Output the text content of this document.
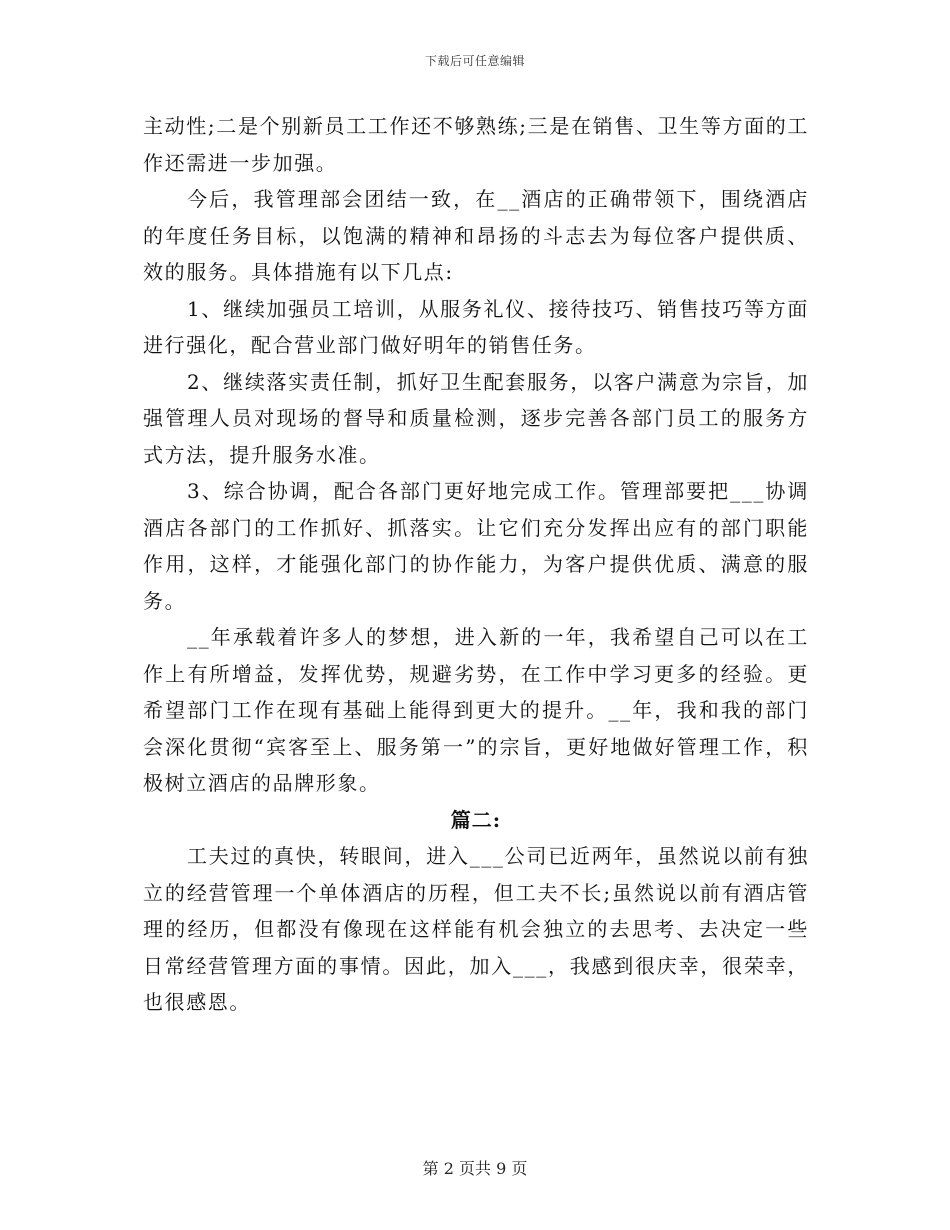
下载后可任意编辑

主动性;二是个别新员工工作还不够熟练;三是在销售、卫生等方面的工作还需进一步加强。

今后，我管理部会团结一致，在__酒店的正确带领下，围绕酒店的年度任务目标，以饱满的精神和昂扬的斗志去为每位客户提供质、效的服务。具体措施有以下几点:

1、继续加强员工培训，从服务礼仪、接待技巧、销售技巧等方面进行强化，配合营业部门做好明年的销售任务。

2、继续落实责任制，抓好卫生配套服务，以客户满意为宗旨，加强管理人员对现场的督导和质量检测，逐步完善各部门员工的服务方式方法，提升服务水准。

3、综合协调，配合各部门更好地完成工作。管理部要把___协调酒店各部门的工作抓好、抓落实。让它们充分发挥出应有的部门职能作用，这样，才能强化部门的协作能力，为客户提供优质、满意的服务。

__年承载着许多人的梦想，进入新的一年，我希望自己可以在工作上有所增益，发挥优势，规避劣势，在工作中学习更多的经验。更希望部门工作在现有基础上能得到更大的提升。__年，我和我的部门会深化贯彻“宾客至上、服务第一”的宗旨，更好地做好管理工作，积极树立酒店的品牌形象。

篇二:

工夫过的真快，转眼间，进入___公司已近两年，虽然说以前有独立的经营管理一个单体酒店的历程，但工夫不长;虽然说以前有酒店管理的经历，但都没有像现在这样能有机会独立的去思考、去决定一些日常经营管理方面的事情。因此，加入___，我感到很庆幸，很荣幸，也很感恩。

第 2 页共 9 页
